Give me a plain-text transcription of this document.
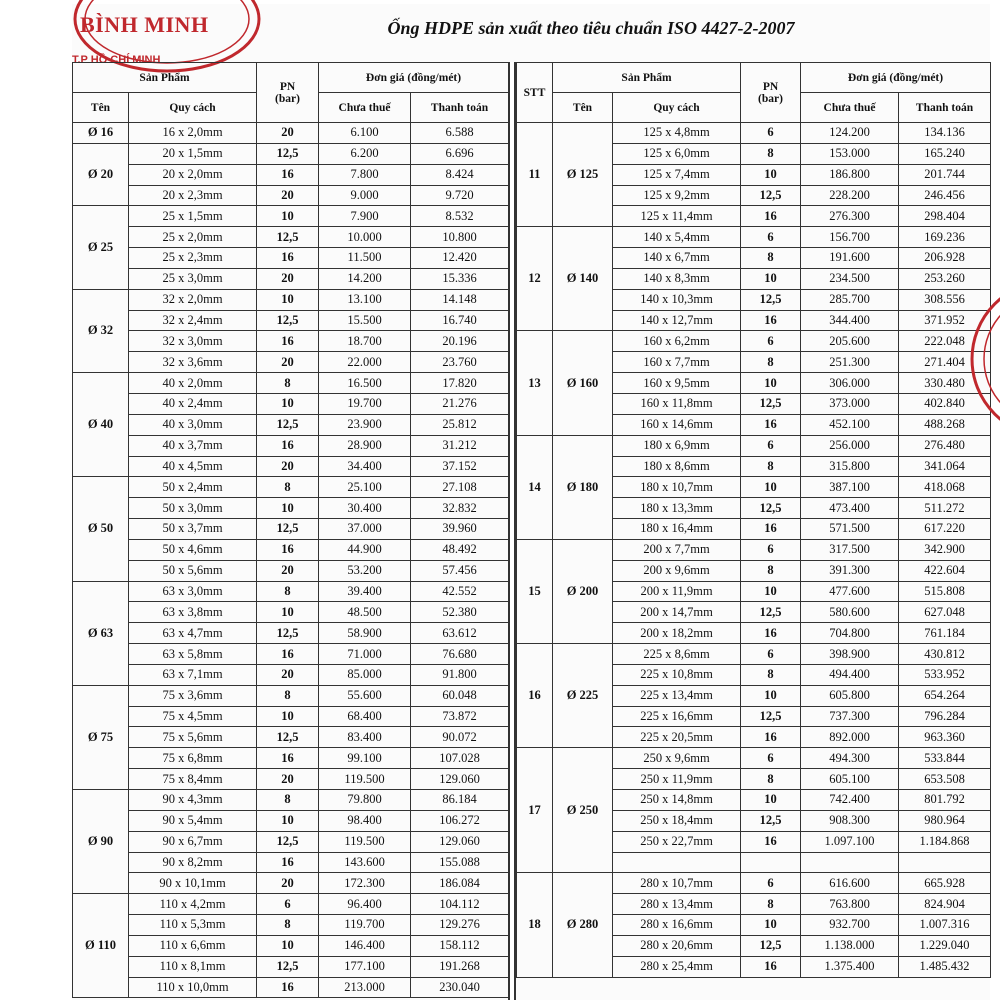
BÌNH MINH
T.P HỒ CHÍ MINH
Ống HDPE sản xuất theo tiêu chuẩn ISO 4427-2-2007
Sản Phẩm		PN
(bar)	Đơn giá (đồng/mét)	
Tên	Quy cách		Chưa thuế	Thanh toán
Ø 16	16 x 2,0mm	20	6.100	6.588
Ø 20	20 x 1,5mm	12,5	6.200	6.696
	20 x 2,0mm	16	7.800	8.424
	20 x 2,3mm	20	9.000	9.720
Ø 25	25 x 1,5mm	10	7.900	8.532
	25 x 2,0mm	12,5	10.000	10.800
	25 x 2,3mm	16	11.500	12.420
	25 x 3,0mm	20	14.200	15.336
Ø 32	32 x 2,0mm	10	13.100	14.148
	32 x 2,4mm	12,5	15.500	16.740
	32 x 3,0mm	16	18.700	20.196
	32 x 3,6mm	20	22.000	23.760
Ø 40	40 x 2,0mm	8	16.500	17.820
	40 x 2,4mm	10	19.700	21.276
	40 x 3,0mm	12,5	23.900	25.812
	40 x 3,7mm	16	28.900	31.212
	40 x 4,5mm	20	34.400	37.152
Ø 50	50 x 2,4mm	8	25.100	27.108
	50 x 3,0mm	10	30.400	32.832
	50 x 3,7mm	12,5	37.000	39.960
	50 x 4,6mm	16	44.900	48.492
	50 x 5,6mm	20	53.200	57.456
Ø 63	63 x 3,0mm	8	39.400	42.552
	63 x 3,8mm	10	48.500	52.380
	63 x 4,7mm	12,5	58.900	63.612
	63 x 5,8mm	16	71.000	76.680
	63 x 7,1mm	20	85.000	91.800
Ø 75	75 x 3,6mm	8	55.600	60.048
	75 x 4,5mm	10	68.400	73.872
	75 x 5,6mm	12,5	83.400	90.072
	75 x 6,8mm	16	99.100	107.028
	75 x 8,4mm	20	119.500	129.060
Ø 90	90 x 4,3mm	8	79.800	86.184
	90 x 5,4mm	10	98.400	106.272
	90 x 6,7mm	12,5	119.500	129.060
	90 x 8,2mm	16	143.600	155.088
	90 x 10,1mm	20	172.300	186.084
Ø 110	110 x 4,2mm	6	96.400	104.112
	110 x 5,3mm	8	119.700	129.276
	110 x 6,6mm	10	146.400	158.112
	110 x 8,1mm	12,5	177.100	191.268
	110 x 10,0mm	16	213.000	230.040
STT	Sản Phẩm		PN
(bar)	Đơn giá (đồng/mét)	
	Tên	Quy cách		Chưa thuế	Thanh toán
11	Ø 125	125 x 4,8mm	6	124.200	134.136
		125 x 6,0mm	8	153.000	165.240
		125 x 7,4mm	10	186.800	201.744
		125 x 9,2mm	12,5	228.200	246.456
		125 x 11,4mm	16	276.300	298.404
12	Ø 140	140 x 5,4mm	6	156.700	169.236
		140 x 6,7mm	8	191.600	206.928
		140 x 8,3mm	10	234.500	253.260
		140 x 10,3mm	12,5	285.700	308.556
		140 x 12,7mm	16	344.400	371.952
13	Ø 160	160 x 6,2mm	6	205.600	222.048
		160 x 7,7mm	8	251.300	271.404
		160 x 9,5mm	10	306.000	330.480
		160 x 11,8mm	12,5	373.000	402.840
		160 x 14,6mm	16	452.100	488.268
14	Ø 180	180 x 6,9mm	6	256.000	276.480
		180 x 8,6mm	8	315.800	341.064
		180 x 10,7mm	10	387.100	418.068
		180 x 13,3mm	12,5	473.400	511.272
		180 x 16,4mm	16	571.500	617.220
15	Ø 200	200 x 7,7mm	6	317.500	342.900
		200 x 9,6mm	8	391.300	422.604
		200 x 11,9mm	10	477.600	515.808
		200 x 14,7mm	12,5	580.600	627.048
		200 x 18,2mm	16	704.800	761.184
16	Ø 225	225 x 8,6mm	6	398.900	430.812
		225 x 10,8mm	8	494.400	533.952
		225 x 13,4mm	10	605.800	654.264
		225 x 16,6mm	12,5	737.300	796.284
		225 x 20,5mm	16	892.000	963.360
17	Ø 250	250 x 9,6mm	6	494.300	533.844
		250 x 11,9mm	8	605.100	653.508
		250 x 14,8mm	10	742.400	801.792
		250 x 18,4mm	12,5	908.300	980.964
		250 x 22,7mm	16	1.097.100	1.184.868

18	Ø 280	280 x 10,7mm	6	616.600	665.928
		280 x 13,4mm	8	763.800	824.904
		280 x 16,6mm	10	932.700	1.007.316
		280 x 20,6mm	12,5	1.138.000	1.229.040
		280 x 25,4mm	16	1.375.400	1.485.432
